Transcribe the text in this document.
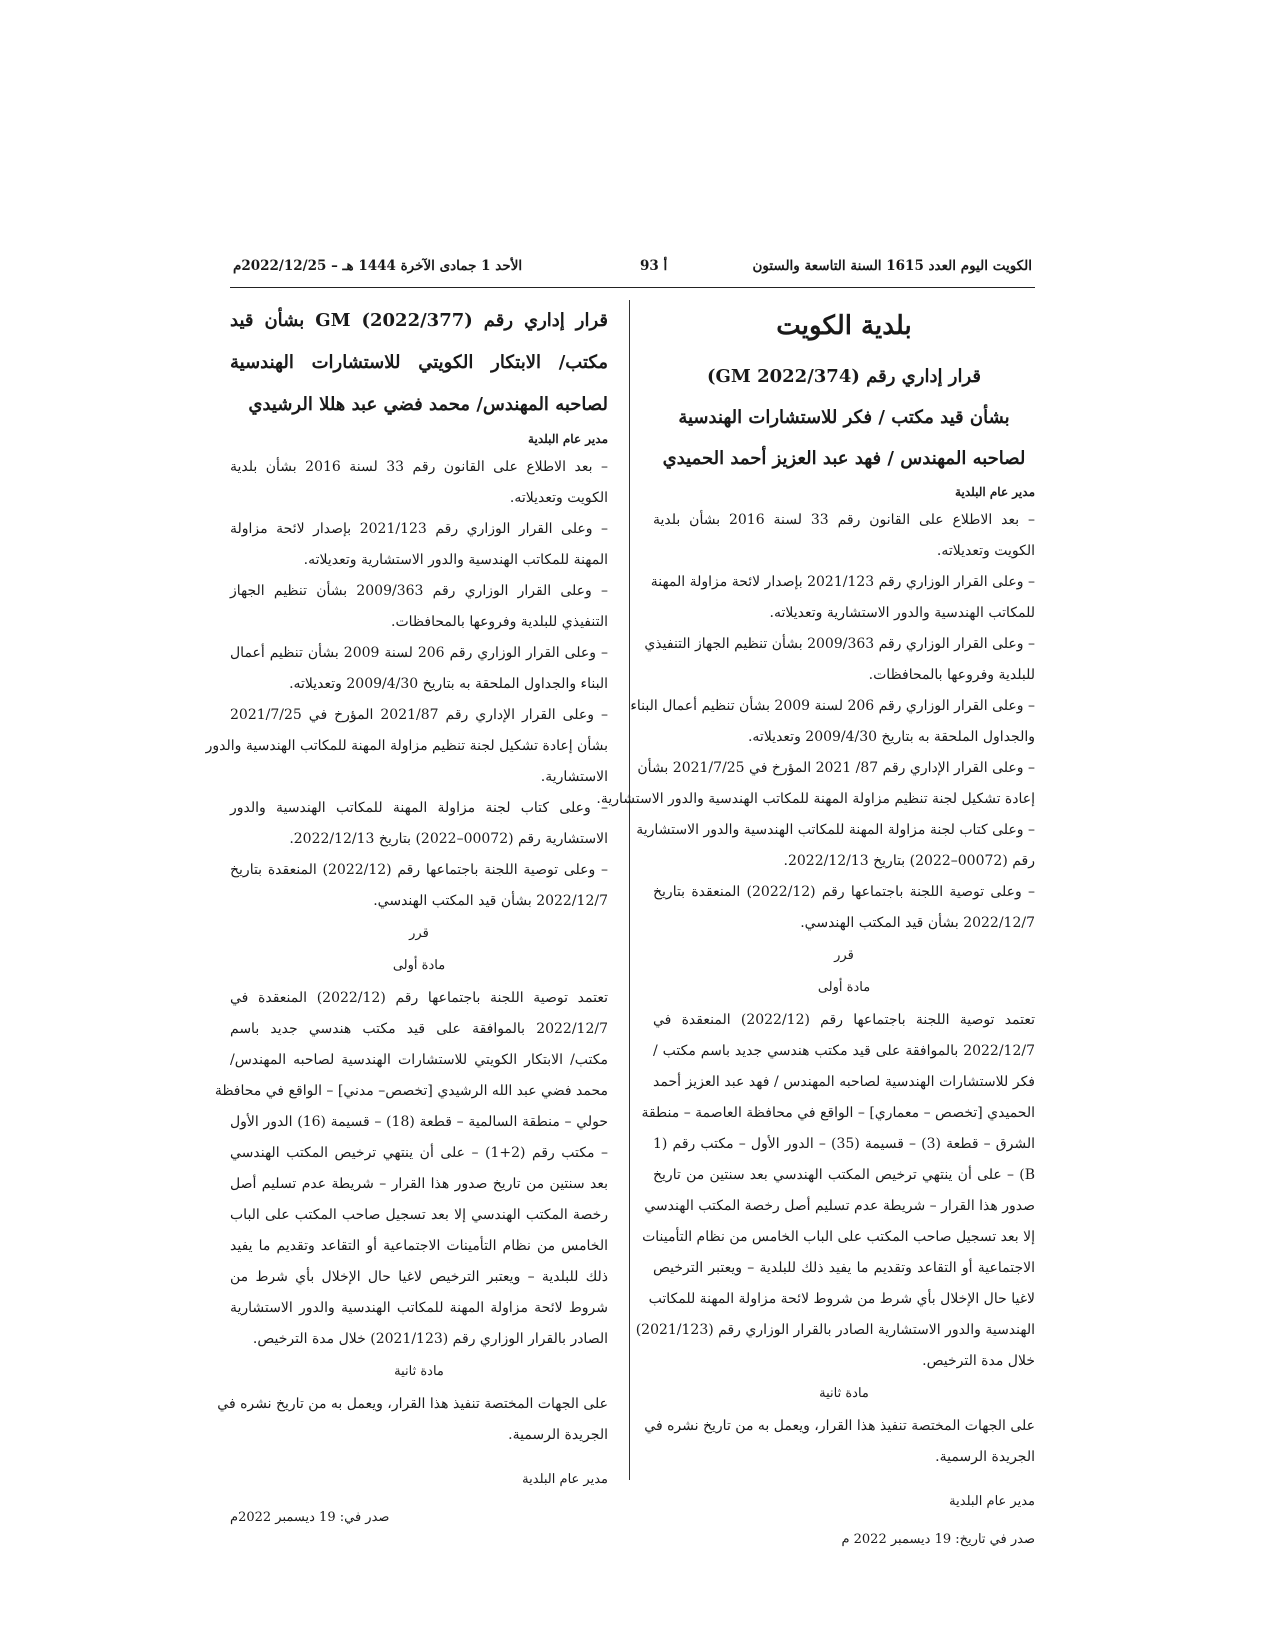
الكويت اليوم العدد 1615 السنة التاسعة والستون
أ 93
الأحد 1 جمادى الآخرة 1444 هـ – 2022/12/25م

بلدية الكويت

قرار إداري رقم (GM 2022/374)

بشأن قيد مكتب / فكر للاستشارات الهندسية

لصاحبه المهندس / فهد عبد العزيز أحمد الحميدي

مدير عام البلدية

– بعد الاطلاع على القانون رقم 33 لسنة 2016 بشأن بلدية

الكويت وتعديلاته.

– وعلى القرار الوزاري رقم 2021/123 بإصدار لائحة مزاولة المهنة

للمكاتب الهندسية والدور الاستشارية وتعديلاته.

– وعلى القرار الوزاري رقم 2009/363 بشأن تنظيم الجهاز التنفيذي

للبلدية وفروعها بالمحافظات.

– وعلى القرار الوزاري رقم 206 لسنة 2009 بشأن تنظيم أعمال البناء

والجداول الملحقة به بتاريخ 2009/4/30 وتعديلاته.

– وعلى القرار الإداري رقم 87/ 2021 المؤرخ في 2021/7/25 بشأن

إعادة تشكيل لجنة تنظيم مزاولة المهنة للمكاتب الهندسية والدور الاستشارية.

– وعلى كتاب لجنة مزاولة المهنة للمكاتب الهندسية والدور الاستشارية

رقم (00072–2022) بتاريخ 2022/12/13.

– وعلى توصية اللجنة باجتماعها رقم (2022/12) المنعقدة بتاريخ

2022/12/7 بشأن قيد المكتب الهندسي.

قرر

مادة أولى

تعتمد توصية اللجنة باجتماعها رقم (2022/12) المنعقدة في

2022/12/7 بالموافقة على قيد مكتب هندسي جديد باسم مكتب /

فكر للاستشارات الهندسية لصاحبه المهندس / فهد عبد العزيز أحمد

الحميدي [تخصص – معماري] – الواقع في محافظة العاصمة – منطقة

الشرق – قطعة (3) – قسيمة (35) – الدور الأول – مكتب رقم (1

B) – على أن ينتهي ترخيص المكتب الهندسي بعد سنتين من تاريخ

صدور هذا القرار – شريطة عدم تسليم أصل رخصة المكتب الهندسي

إلا بعد تسجيل صاحب المكتب على الباب الخامس من نظام التأمينات

الاجتماعية أو التقاعد وتقديم ما يفيد ذلك للبلدية – ويعتبر الترخيص

لاغيا حال الإخلال بأي شرط من شروط لائحة مزاولة المهنة للمكاتب

الهندسية والدور الاستشارية الصادر بالقرار الوزاري رقم (2021/123)

خلال مدة الترخيص.

مادة ثانية

على الجهات المختصة تنفيذ هذا القرار، ويعمل به من تاريخ نشره في

الجريدة الرسمية.

مدير عام البلدية

صدر في تاريخ: 19 ديسمبر 2022 م

قرار إداري رقم (2022/377) GM بشأن قيد

مكتب/ الابتكار الكويتي للاستشارات الهندسية

لصاحبه المهندس/ محمد فضي عبد هللا الرشيدي

مدير عام البلدية

– بعد الاطلاع على القانون رقم 33 لسنة 2016 بشأن بلدية

الكويت وتعديلاته.

– وعلى القرار الوزاري رقم 2021/123 بإصدار لائحة مزاولة

المهنة للمكاتب الهندسية والدور الاستشارية وتعديلاته.

– وعلى القرار الوزاري رقم 2009/363 بشأن تنظيم الجهاز

التنفيذي للبلدية وفروعها بالمحافظات.

– وعلى القرار الوزاري رقم 206 لسنة 2009 بشأن تنظيم أعمال

البناء والجداول الملحقة به بتاريخ 2009/4/30 وتعديلاته.

– وعلى القرار الإداري رقم 2021/87 المؤرخ في 2021/7/25

بشأن إعادة تشكيل لجنة تنظيم مزاولة المهنة للمكاتب الهندسية والدور

الاستشارية.

– وعلى كتاب لجنة مزاولة المهنة للمكاتب الهندسية والدور

الاستشارية رقم (00072–2022) بتاريخ 2022/12/13.

– وعلى توصية اللجنة باجتماعها رقم (2022/12) المنعقدة بتاريخ

2022/12/7 بشأن قيد المكتب الهندسي.

قرر

مادة أولى

تعتمد توصية اللجنة باجتماعها رقم (2022/12) المنعقدة في

2022/12/7 بالموافقة على قيد مكتب هندسي جديد باسم

مكتب/ الابتكار الكويتي للاستشارات الهندسية لصاحبه المهندس/

محمد فضي عبد الله الرشيدي [تخصص– مدني] – الواقع في محافظة

حولي – منطقة السالمية – قطعة (18) – قسيمة (16) الدور الأول

– مكتب رقم (2+1) – على أن ينتهي ترخيص المكتب الهندسي

بعد سنتين من تاريخ صدور هذا القرار – شريطة عدم تسليم أصل

رخصة المكتب الهندسي إلا بعد تسجيل صاحب المكتب على الباب

الخامس من نظام التأمينات الاجتماعية أو التقاعد وتقديم ما يفيد

ذلك للبلدية – ويعتبر الترخيص لاغيا حال الإخلال بأي شرط من

شروط لائحة مزاولة المهنة للمكاتب الهندسية والدور الاستشارية

الصادر بالقرار الوزاري رقم (2021/123) خلال مدة الترخيص.

مادة ثانية

على الجهات المختصة تنفيذ هذا القرار، ويعمل به من تاريخ نشره في

الجريدة الرسمية.

مدير عام البلدية

صدر في: 19 ديسمبر 2022م
